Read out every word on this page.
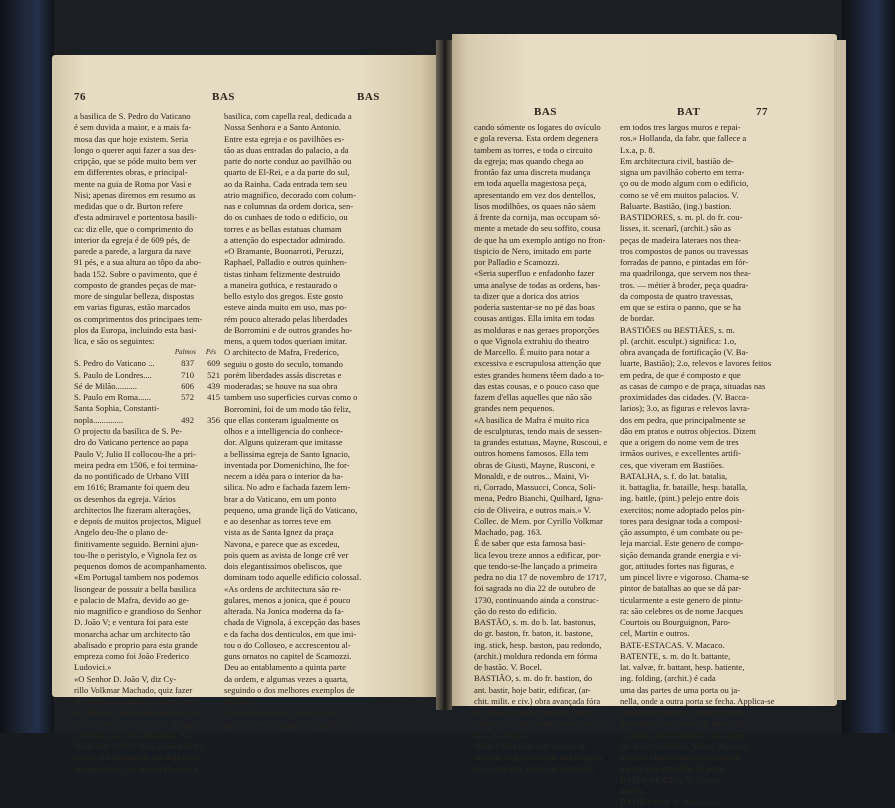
76	BAS	BAS
a basilica de S. Pedro do Vaticano
é sem duvida a maior, e a mais fa-
mosa das que hoje existem. Seria
longo o querer aqui fazer a sua des-
cripção, que se póde muito bem ver
em differentes obras, e principal-
mente na guia de Roma por Vasi e
Nisi; apenas diremos em resumo as
medidas que o dr. Burton refere
d'esta admiravel e portentosa basili-
ca: diz elle, que o comprimento do
interior da egreja é de 609 pés, de
parede a parede, a largura da nave
91 pés, e a sua altura ao tôpo da abo-
bada 152. Sobre o pavimento, que é
composto de grandes peças de mar-
more de singular belleza, dispostas
em varias figuras, estão marcados
os comprimentos dos principaes tem-
plos da Europa, incluindo esta basi-
lica, e são os seguintes:
Palmos Pés
S. Pedro do Vaticano ...	837	609
S. Paulo de Londres....	710	521
Sé de Milão..........	606	439
S. Paulo em Roma......	572	415
Santa Sophia, Constanti-
nopla..............	492	356
O projecto da basilica de S. Pe-
dro do Vaticano pertence ao papa
Paulo V; Julio II collocou-lhe a pri-
meira pedra em 1506, e foi termina-
da no pontificado de Urbano VIII
em 1616; Bramante foi quem deu
os desenhos da egreja. Vários
architectos lhe fizeram alterações,
e depois de muitos projectos, Miguel
Angelo deu-lhe o plano de-
finitivamente seguido. Bernini ajun-
tou-lhe o peristylo, e Vignola fez os
pequenos domos de acompanhamento.
«Em Portugal tambem nos podemos
lisongear de possuir a bella basilica
e palacio de Mafra, devido ao ge-
nio magnifico e grandioso do Senhor
D. João V; e ventura foi para este
monarcha achar um architecto tão
abalisado e proprio para esta grande
empreza como foi João Frederico
Ludovici.»
«O Senhor D. João V, diz Cy-
rillo Volkmar Machado, quiz fazer
de Mafra um segundo, e talvez mel-
hor Escurial, edificando tambem por
voto o sumptuoso palacio, collegio e
convento, que alli admirâmos. A fa-
chada tem 1:000 e mais palmos de ex-
tensão, e é flanqueada por dois sober-
bos pavilhões. No meio d'ella está a
basilica, com capella real, dedicada a
Nossa Senhora e a Santo Antonio.
Entre esta egreja e os pavilhões es-
tão as duas entradas do palacio, a da
parte do norte conduz ao pavilhão ou
quarto de El-Rei, e a da parte do sul,
ao da Rainha. Cada entrada tem seu
atrio magnifico, decorado com colum-
nas e columnas da ordem dorica, sen-
do os cunhaes de todo o edificio, ou
torres e as bellas estatuas chamam
a attenção do espectador admirado.
«O Bramante, Buonarroti, Peruzzi,
Raphael, Palladio e outros quinhen-
tistas tinham felizmente destruido
a maneira gothica, e restaurado o
bello estylo dos gregos. Este gosto
esteve ainda muito em uso, mas po-
rém pouco alterado pelas liberdades
de Borromini e de outros grandes ho-
mens, a quem todos queriam imitar.
O architecto de Mafra, Frederico,
seguiu o gosto do seculo, tomando
porém liberdades assás discretas e
moderadas; se houve na sua obra
tambem uso superficies curvas como o
Borromini, foi de um modo tão feliz,
que ellas conteram igualmente os
olhos e a intelligencia do conhece-
dor. Alguns quizeram que imitasse
a bellissima egreja de Santo Ignacio,
inventada por Domenichino, lhe for-
necem a idéa para o interior da ba-
silica. No adro e fachada fazem lem-
brar a do Vaticano, em um ponto
pequeno, uma grande liçã do Vaticano,
e ao desenhar as torres teve em
vista as de Santa Ignez da praça
Navona, e parece que as excedeu,
pois quem as avista de longe crê ver
dois elegantissimos obeliscos, que
dominam todo aquelle edificio colossal.
«As ordens de architectura são re-
gulares, menos a jonica, que é pouco
alterada. Na Jonica moderna da fa-
chada de Vignola, á excepção das bases
e da facha dos denticulos, em que imi-
tou o do Colloseo, e accrescentou al-
guns ornatos no capitel de Scamozzi.
Deu ao entablamento a quinta parte
da ordem, e algumas vezes a quarta,
seguindo o dos melhores exemplos de
Palladio.
«Na ordem superior, que é a com-
posita, tambem seguiu o Vignola, tro-
BAS	BAT	77
cando sómente os logares do ovículo
e gola reversa. Esta ordem degenera
tambem as torres, e toda o circuito
da egreja; mas quando chega ao
frontão faz uma discreta mudança
em toda aquella magestosa peça,
apresentando em vez dos dentellos,
lisos modilhões, os quaes não sáem
á frente da cornija, mas occupam só-
mente a metade do seu soffito, cousa
de que ha um exemplo antigo no fron-
tispicio de Nero, imitado em parte
por Palladio e Scamozzi.
«Seria superfluo e enfadonho fazer
uma analyse de todas as ordens, bas-
ta dizer que a dorica dos atrios
poderia sustentar-se no pé das boas
cousas antigas. Ella imita em todas
as molduras e nas geraes proporções
o que Vignola extrahiu do theatro
de Marcello. É muito para notar a
excessiva e escrupulosa attenção que
estes grandes homens têem dado a to-
das estas cousas, e o pouco caso que
fazem d'ellas aquelles que não são
grandes nem pequenos.
«A basilica de Mafra é muito rica
de esculpturas, tendo mais de sessen-
ta grandes estatuas, Mayne, Ruscoui, e
outros homens famosos. Ella tem
obras de Giusti, Mayne, Rusconi, e
Monaldi, e de outros... Maini, Vi-
ri, Corrado, Massucci, Conca, Soli-
mena, Pedro Bianchi, Quilhard, Igna-
cio de Oliveira, e outros mais.» V.
Collec. de Mem. por Cyrillo Volkmar
Machado, pag. 163.
É de saber que esta famosa basi-
lica levou treze annos a edificar, por-
que tendo-se-lhe lançado a primeira
pedra no dia 17 de novembro de 1717,
foi sagrada no dia 22 de outubro de
1730, continuando ainda a construc-
ção do resto do edificio.
BASTÃO, s. m. do b. lat. bastonus,
do gr. baston, fr. baton, it. bastone,
ing. stick, hesp. baston, pau redondo,
(archit.) moldura redonda em fórma
de bastão. V. Bocel.
BASTIÃO, s. m. do fr. bastion, do
ant. bastir, hoje batir, edificar, (ar-
chit. milit. e civ.) obra avançada fóra
do corpo da praça com dois fancos,
e duas faces, que unidos pelos dois la-
dos, ás cortinas.
«Mas é todo feito este bastião de
tambem de tijolo cozido mui compos-
to, e com muy pouca cal composto,
em todos tres largos muros e repai-
ros.» Hollanda, da fabr. que fallece a
Lx.a, p. 8.
Em architectura civil, bastião de-
signa um pavilhão coberto em terra-
ço ou de modo algum com o edificio,
como se vê em muitos palacios. V.
Baluarte. Bastião, (ing.) bastion.
BASTIDORES, s. m. pl. do fr. cou-
lisses, it. scenarî, (archit.) são as
peças de madeira lateraes nos thea-
tros compostos de panos ou travessas
forradas de panno, e pintadas em fór-
ma quadrilonga, que servem nos thea-
tros. — métier à broder, peça quadra-
da composta de quatro travessas,
em que se estira o panno, que se ha
de bordar.
BASTIÕES ou BESTIÃES, s. m.
pl. (archit. esculpt.) significa: 1.o,
obra avançada de fortificação (V. Ba-
luarte, Bastião); 2.o, relevos e lavores feitos
em pedra, de que é composto e que
as casas de campo e de praça, situadas nas
proximidades das cidades. (V. Bacca-
larios); 3.o, as figuras e relevos lavra-
dos em pedra, que principalmente se
dão em pratos e outros objectos. Dizem
que a origem do nome vem de tres
irmãos ourives, e excellentes artifi-
ces, que viveram em Bastiões.
BATALHA, s. f. do lat. batalia,
it. battaglia, fr. bataille, hesp. batalla,
ing. battle, (pint.) pelejo entre dois
exercitos; nome adoptado pelos pin-
tores para designar toda a composi-
ção assumpto, é um combate ou pe-
leja marcial. Este genero de compo-
sição demanda grande energia e vi-
gor, attitudes fortes nas figuras, e
um pincel livre e vigoroso. Chama-se
pintor de batalhas ao que se dá par-
ticularmente a este genero de pintu-
ra: são celebres os de nome Jacques
Courtois ou Bourguignon, Paro-
cel, Martin e outros.
BATE-ESTACAS. V. Macaco.
BATENTE, s. m. do lt. battante,
lat. valvæ, fr. battant, hesp. batiente,
ing. folding, (archit.) é cada
uma das partes de uma porta ou ja-
nella, onde a outra porta se fecha. Applica-se
tambem ás barras ou cintas de ferro
montantes, que servem de guarnição
as portas com fechaduras, nos quaes
lat. scapi cardinales, Vitruv. Algumas
vezes se chama também batente só
á parte pelo pranchão da porta.
BATER-MOEDA. V. Cunhar
moeda.
BATIBANDA. V. Platibanda.
